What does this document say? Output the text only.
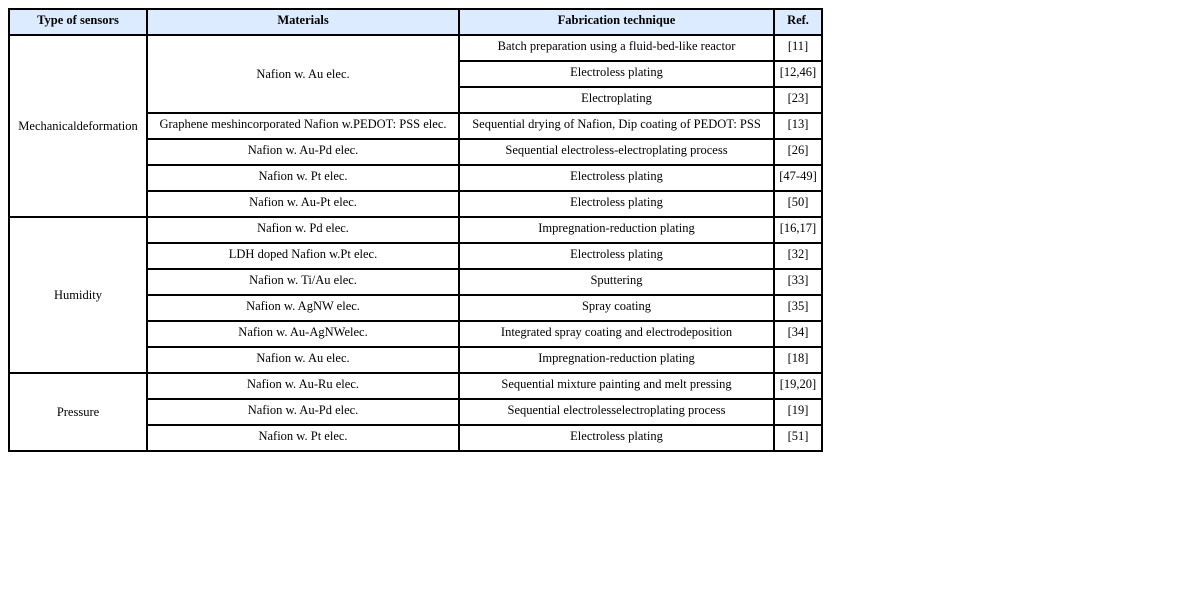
Type of sensors	Materials	Fabrication technique	Ref.
Mechanicaldeformation	Nafion w. Au elec.	Batch preparation using a fluid-bed-like reactor	[11]
		Electroless plating	[12,46]
		Electroplating	[23]
	Graphene meshincorporated Nafion w.PEDOT: PSS elec.	Sequential drying of Nafion, Dip coating of PEDOT: PSS	[13]
	Nafion w. Au-Pd elec.	Sequential electroless-electroplating process	[26]
	Nafion w. Pt elec.	Electroless plating	[47-49]
	Nafion w. Au-Pt elec.	Electroless plating	[50]
Humidity	Nafion w. Pd elec.	Impregnation-reduction plating	[16,17]
	LDH doped Nafion w.Pt elec.	Electroless plating	[32]
	Nafion w. Ti/Au elec.	Sputtering	[33]
	Nafion w. AgNW elec.	Spray coating	[35]
	Nafion w. Au-AgNWelec.	Integrated spray coating and electrodeposition	[34]
	Nafion w. Au elec.	Impregnation-reduction plating	[18]
Pressure	Nafion w. Au-Ru elec.	Sequential mixture painting and melt pressing	[19,20]
	Nafion w. Au-Pd elec.	Sequential electrolesselectroplating process	[19]
	Nafion w. Pt elec.	Electroless plating	[51]
